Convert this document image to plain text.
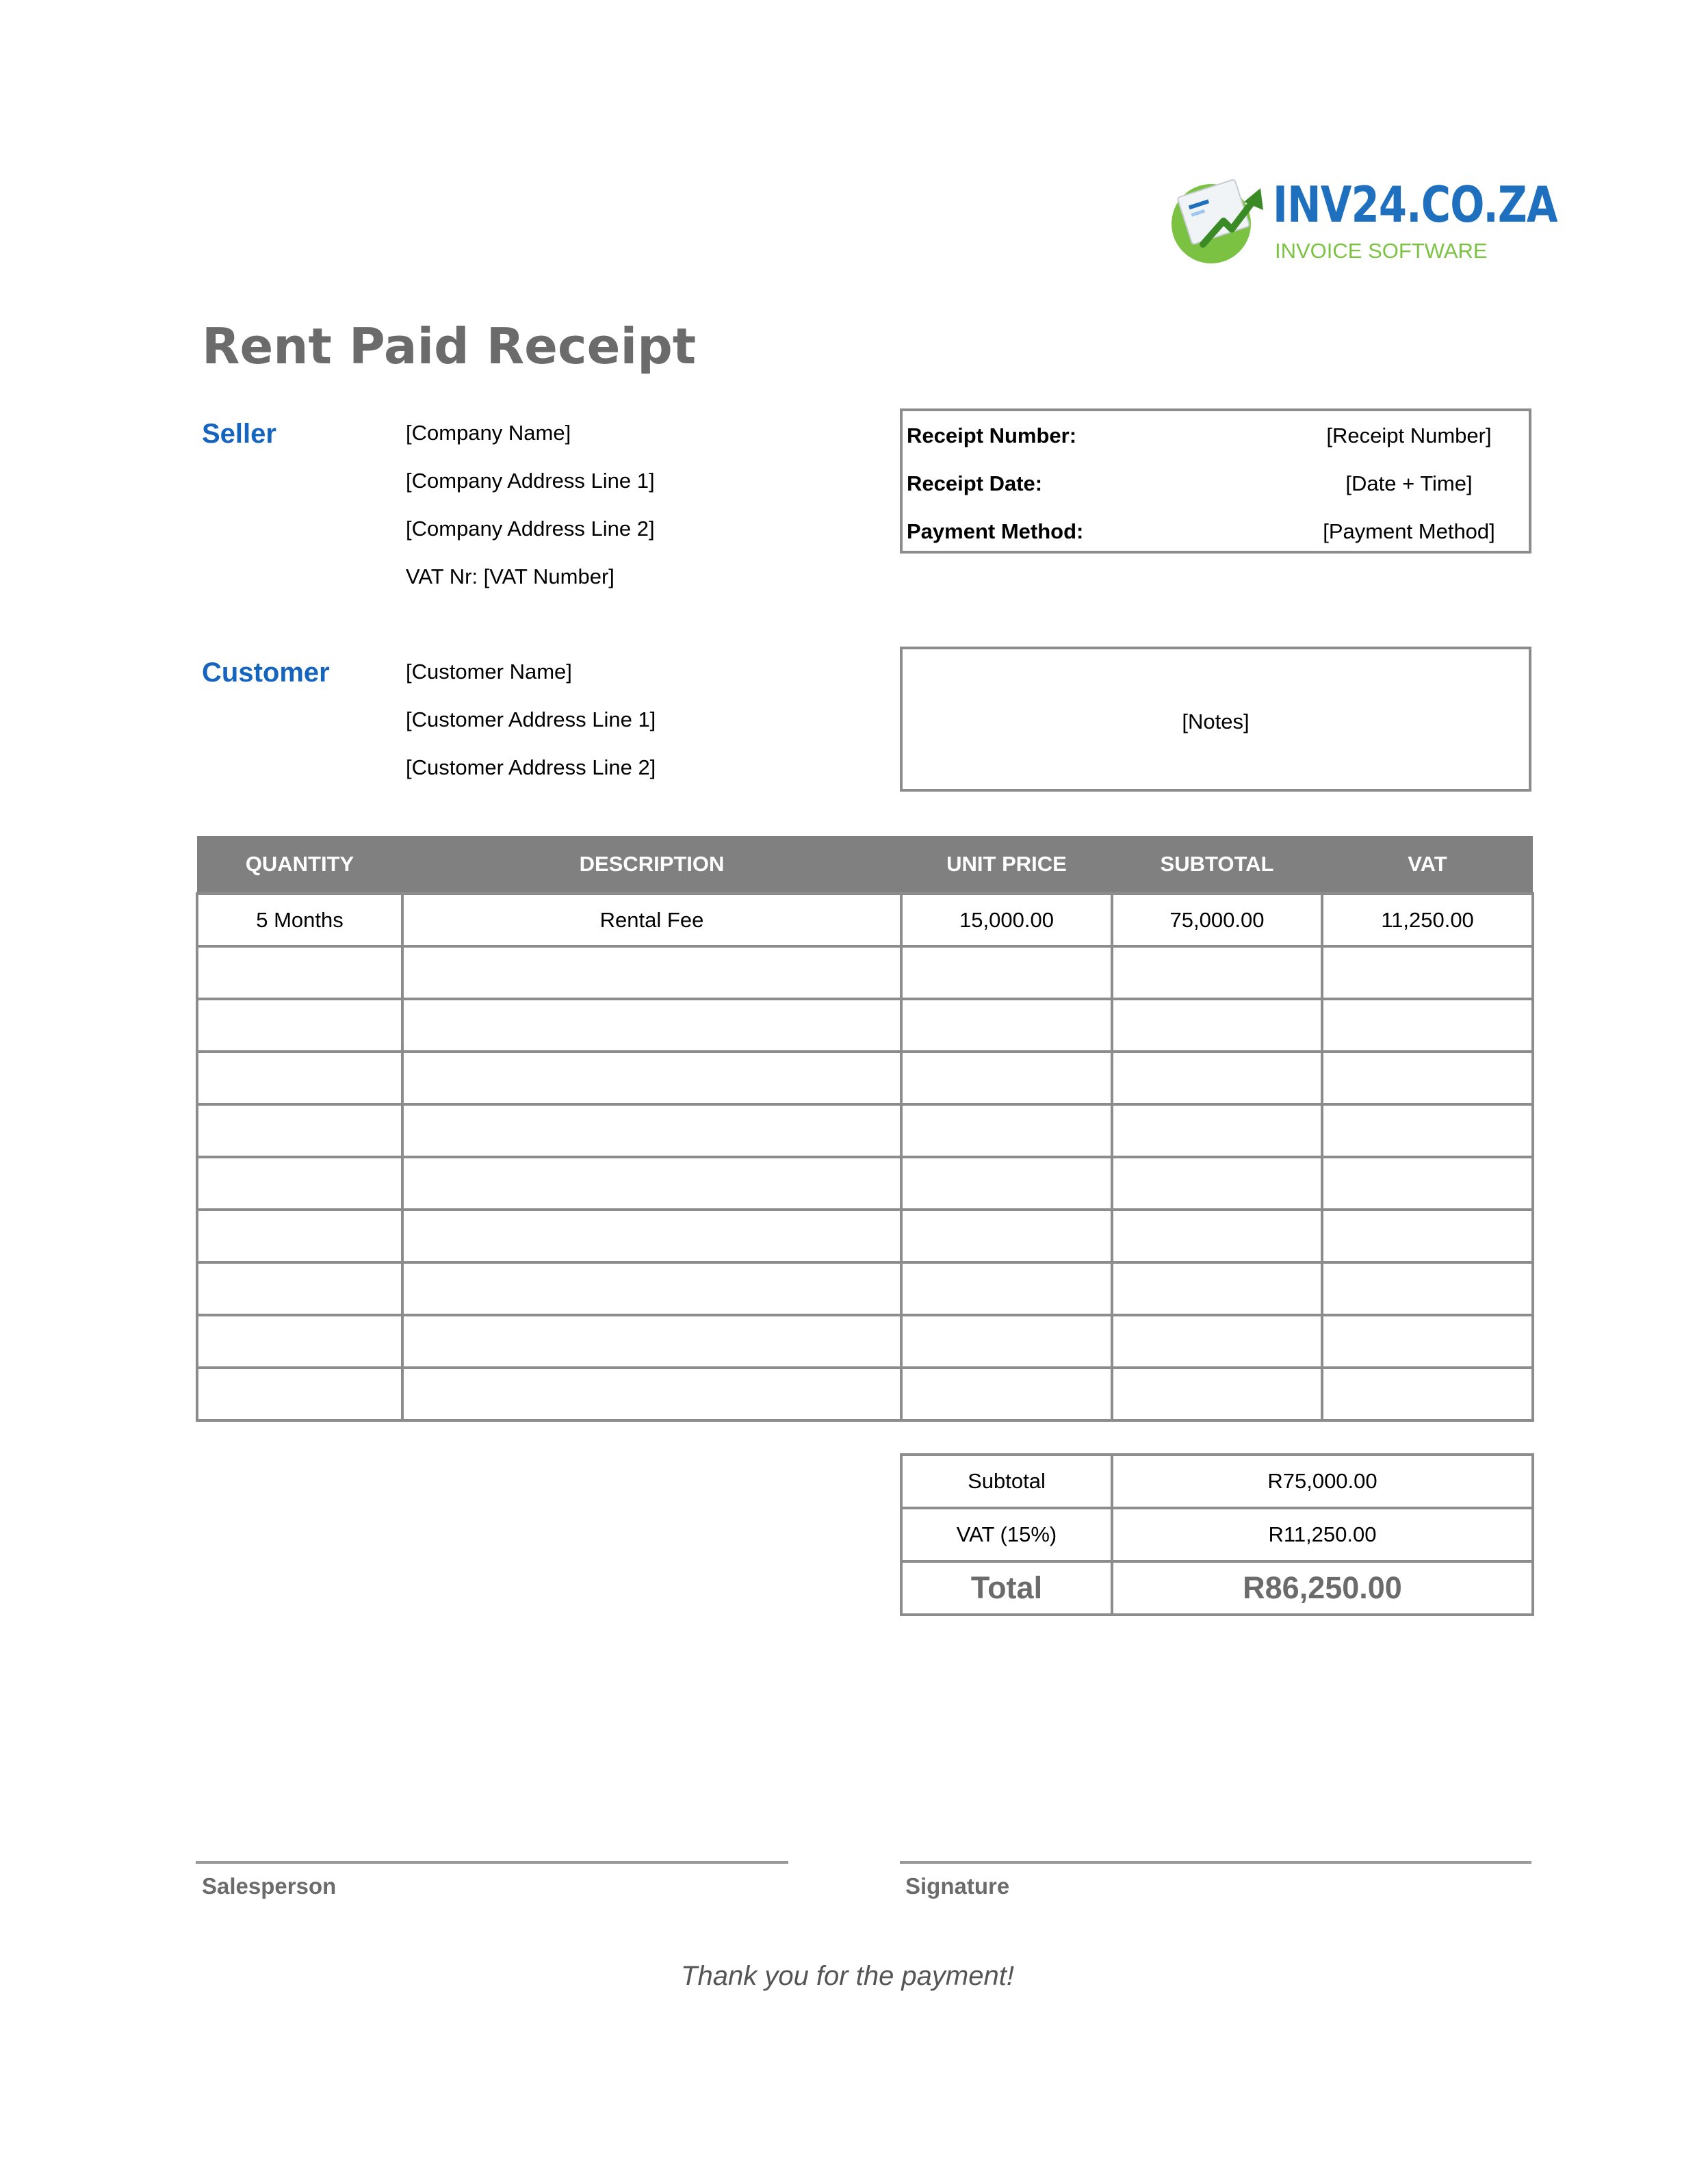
INV24.CO.ZA
INVOICE SOFTWARE
Rent Paid Receipt
Seller	[Company Name]
[Company Address Line 1]
[Company Address Line 2]
VAT Nr: [VAT Number]
Receipt Number:	[Receipt Number]
Receipt Date:	[Date + Time]
Payment Method:	[Payment Method]
Customer	[Customer Name]
[Customer Address Line 1]
[Customer Address Line 2]
[Notes]
QUANTITY	DESCRIPTION	UNIT PRICE	SUBTOTAL	VAT
5 Months	Rental Fee	15,000.00	75,000.00	11,250.00

Subtotal	R75,000.00
VAT (15%)	R11,250.00
Total	R86,250.00
Salesperson	Signature
Thank you for the payment!
